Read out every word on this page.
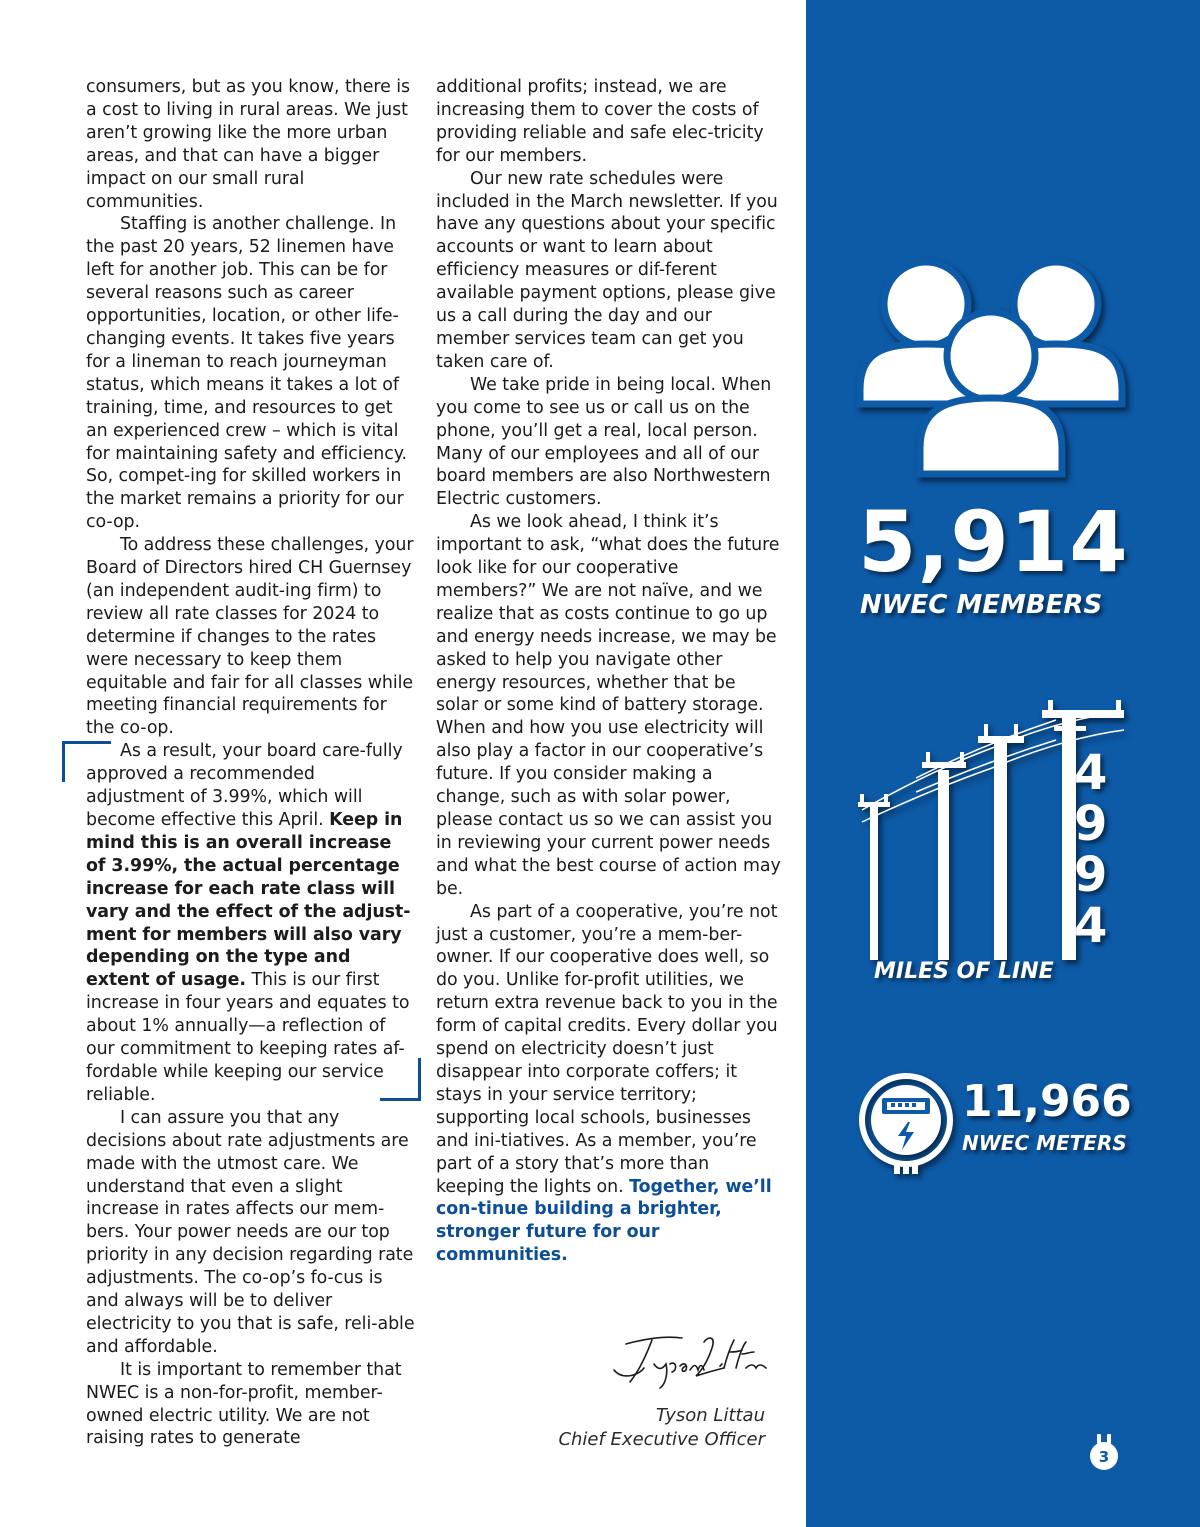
consumers, but as you know, there is a cost to living in rural areas. We just aren’t growing like the more urban areas, and that can have a bigger impact on our small rural communities.

Staffing is another challenge. In the past 20 years, 52 linemen have left for another job. This can be for several reasons such as career opportunities, location, or other life-changing events. It takes five years for a lineman to reach journeyman status, which means it takes a lot of training, time, and resources to get an experienced crew – which is vital for maintaining safety and efficiency. So, compet-ing for skilled workers in the market remains a priority for our co-op.

To address these challenges, your Board of Directors hired CH Guernsey (an independent audit-ing firm) to review all rate classes for 2024 to determine if changes to the rates were necessary to keep them equitable and fair for all classes while meeting financial requirements for the co-op.

As a result, your board care-fully approved a recommended adjustment of 3.99%, which will become effective this April. Keep in mind this is an overall increase of 3.99%, the actual percentage increase for each rate class will vary and the effect of the adjust-ment for members will also vary depending on the type and extent of usage. This is our first increase in four years and equates to about 1% annually—a reflection of our commitment to keeping rates af-fordable while keeping our service reliable.

I can assure you that any decisions about rate adjustments are made with the utmost care. We understand that even a slight increase in rates affects our mem-bers. Your power needs are our top priority in any decision regarding rate adjustments. The co-op’s fo-cus is and always will be to deliver electricity to you that is safe, reli-able and affordable.

It is important to remember that NWEC is a non-for-profit, member-owned electric utility. We are not raising rates to generate

additional profits; instead, we are increasing them to cover the costs of providing reliable and safe elec-tricity for our members.

Our new rate schedules were included in the March newsletter. If you have any questions about your specific accounts or want to learn about efficiency measures or dif-ferent available payment options, please give us a call during the day and our member services team can get you taken care of.

We take pride in being local. When you come to see us or call us on the phone, you’ll get a real, local person. Many of our employees and all of our board members are also Northwestern Electric customers.

As we look ahead, I think it’s important to ask, “what does the future look like for our cooperative members?” We are not naïve, and we realize that as costs continue to go up and energy needs increase, we may be asked to help you navigate other energy resources, whether that be solar or some kind of battery storage. When and how you use electricity will also play a factor in our cooperative’s future. If you consider making a change, such as with solar power, please contact us so we can assist you in reviewing your current power needs and what the best course of action may be.

As part of a cooperative, you’re not just a customer, you’re a mem-ber-owner. If our cooperative does well, so do you. Unlike for-profit utilities, we return extra revenue back to you in the form of capital credits. Every dollar you spend on electricity doesn’t just disappear into corporate coffers; it stays in your service territory; supporting local schools, businesses and ini-tiatives. As a member, you’re part of a story that’s more than keeping the lights on. Together, we’ll con-tinue building a brighter, stronger future for our communities.

Tyson Littau
Chief Executive Officer
5,914
NWEC MEMBERS
4
9
9
4
MILES OF LINE
11,966
NWEC METERS
3
